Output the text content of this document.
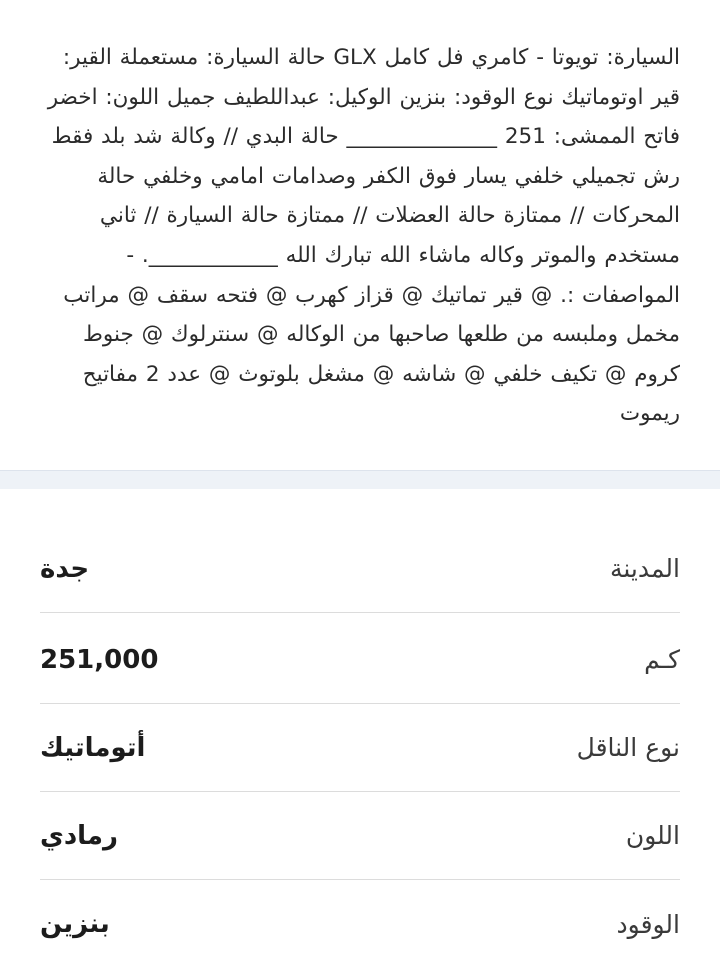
السيارة: تويوتا - كامري فل كامل GLX حالة السيارة: مستعملة القير: قير اوتوماتيك نوع الوقود: بنزين الوكيل: عبداللطيف جميل اللون: اخضر فاتح الممشى: 251 ______________ حالة البدي // وكالة شد بلد فقط رش تجميلي خلفي يسار فوق الكفر وصدامات امامي وخلفي حالة المحركات // ممتازة حالة العضلات // ممتازة حالة السيارة // ثاني مستخدم والموتر وكاله ماشاء الله تبارك الله ____________. - المواصفات :. @ قير تماتيك @ قزاز كهرب @ فتحه سقف @ مراتب مخمل وملبسه من طلعها صاحبها من الوكاله @ سنترلوك @ جنوط كروم @ تكيف خلفي @ شاشه @ مشغل بلوتوث @ عدد 2 مفاتيح ريموت

جدة	المدينة
251,000	كـم
أتوماتيك	نوع الناقل
رمادي	اللون
بنزين	الوقود
